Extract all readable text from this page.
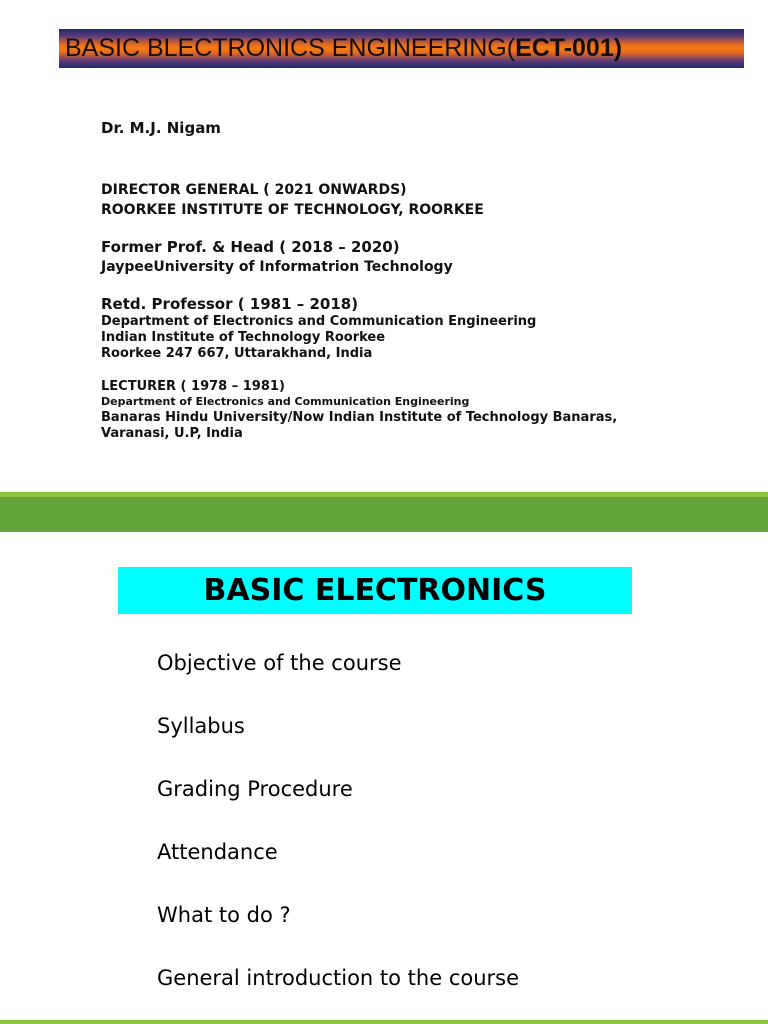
BASIC BLECTRONICS ENGINEERING( ECT-001)
Dr. M.J. Nigam
DIRECTOR GENERAL ( 2021 ONWARDS)
ROORKEE INSTITUTE OF TECHNOLOGY, ROORKEE
Former Prof. & Head ( 2018 – 2020)
JaypeeUniversity of Informatrion Technology
Retd. Professor ( 1981 – 2018)
Department of Electronics and Communication Engineering
Indian Institute of Technology Roorkee
Roorkee 247 667, Uttarakhand, India
LECTURER ( 1978 – 1981)
Department of Electronics and Communication Engineering
Banaras Hindu University/Now Indian Institute of Technology Banaras,
Varanasi, U.P, India
BASIC ELECTRONICS
Objective of the course
Syllabus
Grading Procedure
Attendance
What to do ?
General introduction to the course
